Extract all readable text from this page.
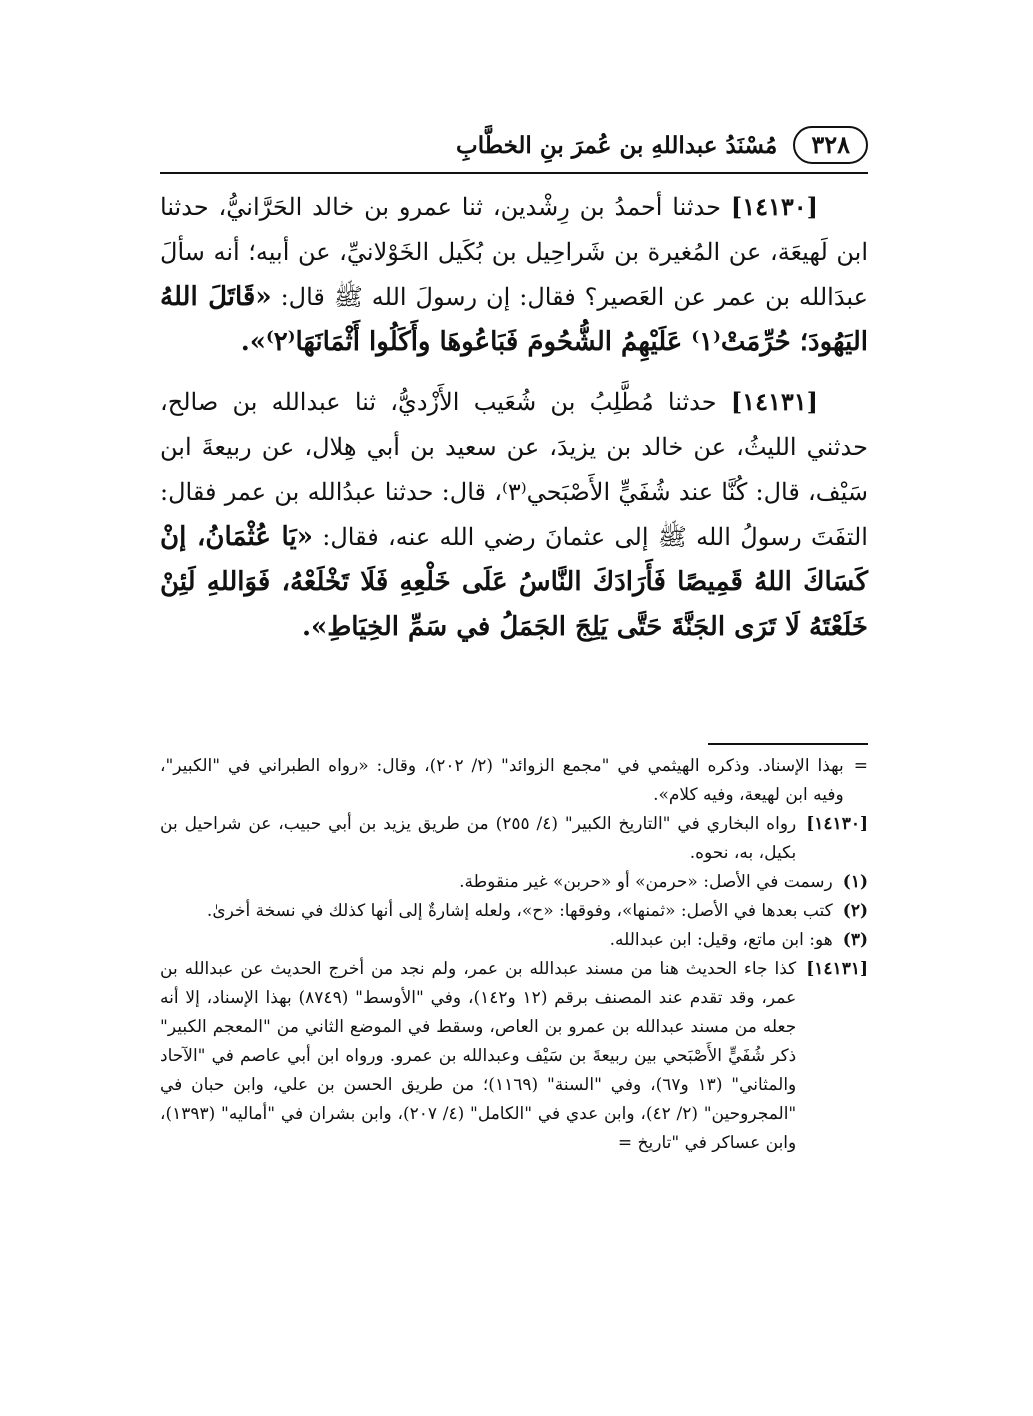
٣٢٨
مُسْنَدُ عبداللهِ بن عُمرَ بنِ الخطَّابِ

[١٤١٣٠] حدثنا أحمدُ بن رِشْدين، ثنا عمرو بن خالد الحَرَّانيُّ، حدثنا ابن لَهيعَة، عن المُغيرة بن شَراحِيل بن بُكَيل الخَوْلانيِّ، عن أبيه؛ أنه سألَ عبدَالله بن عمر عن العَصير؟ فقال: إن رسولَ الله ﷺ قال: «قَاتَلَ اللهُ اليَهُودَ؛ حُرِّمَتْ⁽١⁾ عَلَيْهِمُ الشُّحُومَ فَبَاعُوهَا وأَكَلُوا أَثْمَانَهَا⁽٢⁾».

[١٤١٣١] حدثنا مُطَّلِبُ بن شُعَيب الأَزْديُّ، ثنا عبدالله بن صالح، حدثني الليثُ، عن خالد بن يزيدَ، عن سعيد بن أبي هِلال، عن ربيعةَ ابن سَيْف، قال: كُنَّا عند شُفَيٍّ الأَصْبَحي⁽٣⁾، قال: حدثنا عبدُالله بن عمر فقال: التفَتَ رسولُ الله ﷺ إلى عثمانَ رضي الله عنه، فقال: «يَا عُثْمَانُ، إنْ كَسَاكَ اللهُ قَمِيصًا فَأَرَادَكَ النَّاسُ عَلَى خَلْعِهِ فَلَا تَخْلَعْهُ، فَوَاللهِ لَئِنْ خَلَعْتَهُ لَا تَرَى الجَنَّةَ حَتَّى يَلِجَ الجَمَلُ في سَمِّ الخِيَاطِ».

=
بهذا الإسناد. وذكره الهيثمي في "مجمع الزوائد" (٢/ ٢٠٢)، وقال: «رواه الطبراني في "الكبير"، وفيه ابن لهيعة، وفيه كلام».
[١٤١٣٠]
رواه البخاري في "التاريخ الكبير" (٤/ ٢٥٥) من طريق يزيد بن أبي حبيب، عن شراحيل بن بكيل، به، نحوه.
(١)
رسمت في الأصل: «حرمن» أو «حربن» غير منقوطة.
(٢)
كتب بعدها في الأصل: «ثمنها»، وفوقها: «ح»، ولعله إشارةٌ إلى أنها كذلك في نسخة أخرىٰ.
(٣)
هو: ابن ماتع، وقيل: ابن عبدالله.
[١٤١٣١]
كذا جاء الحديث هنا من مسند عبدالله بن عمر، ولم نجد من أخرج الحديث عن عبدالله بن عمر، وقد تقدم عند المصنف برقم (١٢ و١٤٢)، وفي "الأوسط" (٨٧٤٩) بهذا الإسناد، إلا أنه جعله من مسند عبدالله بن عمرو بن العاص، وسقط في الموضع الثاني من "المعجم الكبير" ذكر شُفَيٍّ الأَصْبَحي بين ربيعةَ بن سَيْف وعبدالله بن عمرو. ورواه ابن أبي عاصم في "الآحاد والمثاني" (١٣ و٦٧)، وفي "السنة" (١١٦٩)؛ من طريق الحسن بن علي، وابن حبان في "المجروحين" (٢/ ٤٢)، وابن عدي في "الكامل" (٤/ ٢٠٧)، وابن بشران في "أماليه" (١٣٩٣)، وابن عساكر في "تاريخ =
